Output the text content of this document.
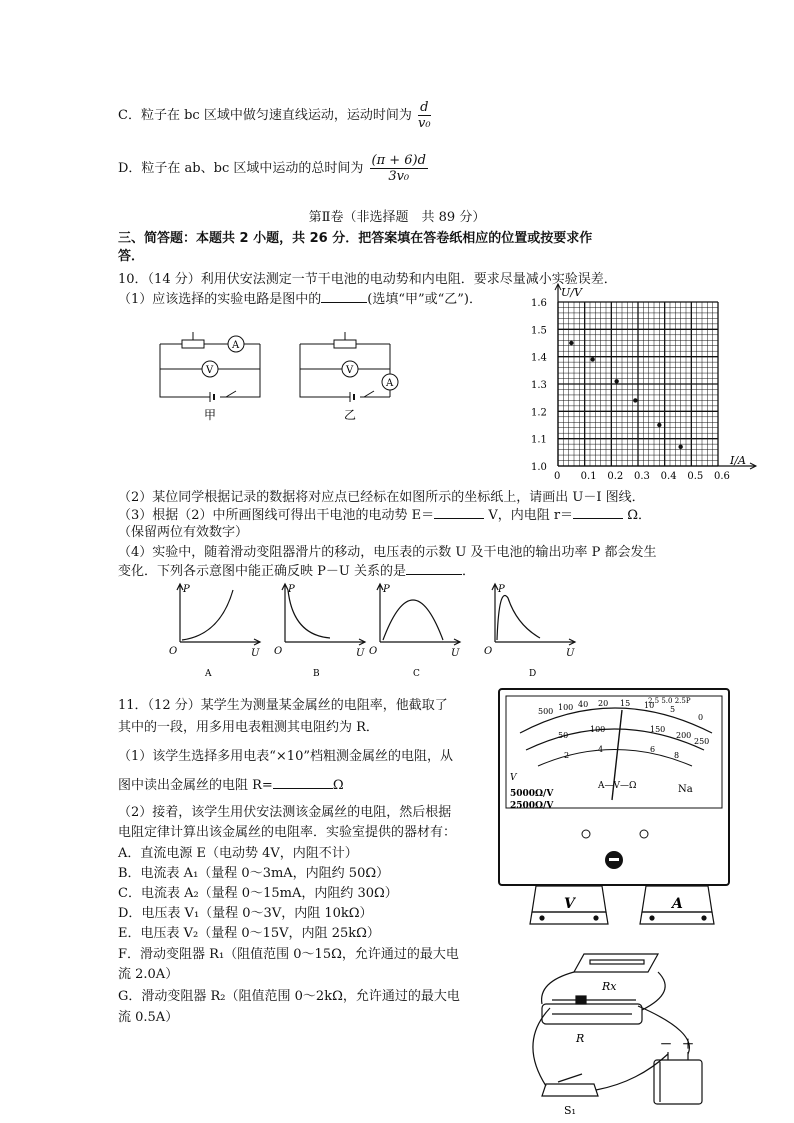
C．粒子在 bc 区域中做匀速直线运动，运动时间为 $\frac{d}{\text{v₀}}$
D．粒子在 ab、bc 区域中运动的总时间为 $\frac{(\pi + 6)d}{\text{3v₀}}$
第Ⅱ卷（非选择题　共 89 分）
三、简答题：本题共 2 小题，共 26 分．把答案填在答卷纸相应的位置或按要求作
答．
10．（14 分）利用伏安法测定一节干电池的电动势和内电阻．要求尽量减小实验误差．
（1）应该选择的实验电路是图中的	(选填“甲”或“乙”)．
A
V
甲
V
A
乙
0 0.1 0.2 0.3 0.4 0.5 0.6
1.0
1.1
1.2
1.3
1.4
1.5
1.6
U/V
I/A
（2）某位同学根据记录的数据将对应点已经标在如图所示的坐标纸上，请画出 U－I 图线．
（3）根据（2）中所画图线可得出干电池的电动势 E＝	V，内电阻 r＝	Ω．
（保留两位有效数字）
（4）实验中，随着滑动变阻器滑片的移动，电压表的示数 U 及干电池的输出功率 P 都会发生
变化．下列各示意图中能正确反映 P－U 关系的是	．
P
O	U
P
O	U
P
O	U
P
O	U
A	B	C	D
11．（12 分）某学生为测量某金属丝的电阻率，他截取了
其中的一段，用多用电表粗测其电阻约为 R．
（1）该学生选择多用电表“×10”档粗测金属丝的电阻，从
图中读出金属丝的电阻 R=	Ω
（2）接着，该学生用伏安法测该金属丝的电阻，然后根据
电阻定律计算出该金属丝的电阻率．实验室提供的器材有：
A．直流电源 E（电动势 4V，内阻不计）
B．电流表 A₁（量程 0～3mA，内阻约 50Ω）
C．电流表 A₂（量程 0～15mA，内阻约 30Ω）
D．电压表 V₁（量程 0～3V，内阻 10kΩ）
E．电压表 V₂（量程 0～15V，内阻 25kΩ）
F．滑动变阻器 R₁（阻值范围 0～15Ω，允许通过的最大电
流 2.0A）
G．滑动变阻器 R₂（阻值范围 0～2kΩ，允许通过的最大电
流 0.5A）
500 100 40 20 15 10 5
0
2.5 5.0 2.5P
50
100	150
200
250
2
4	6
8
V
5000Ω/V
2500Ω/V
A—V—Ω	Na
V	A
Rx
R
S₁
－ ＋
